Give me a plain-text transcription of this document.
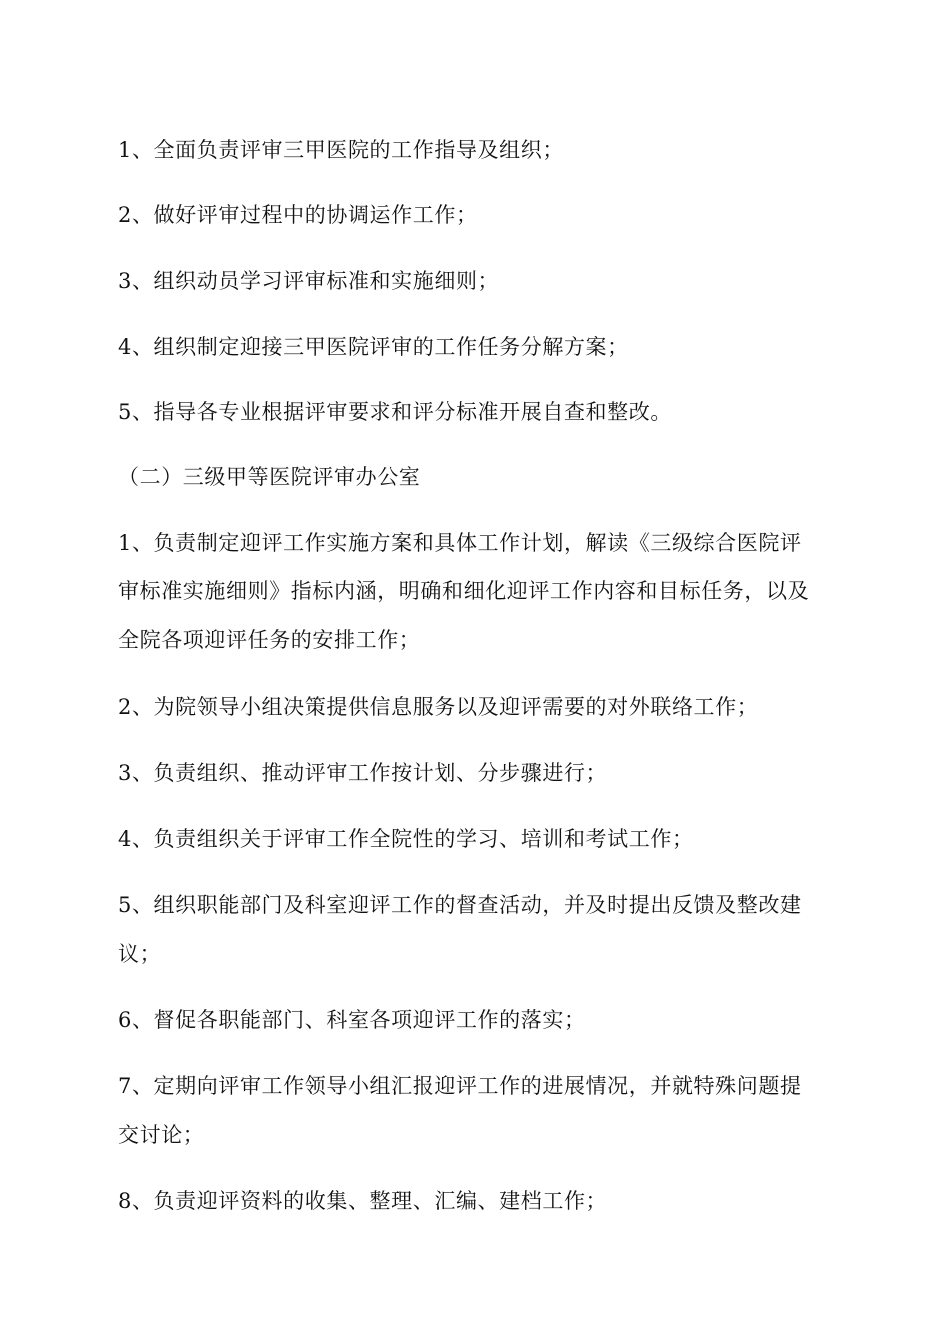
1、全面负责评审三甲医院的工作指导及组织；
2、做好评审过程中的协调运作工作；
3、组织动员学习评审标准和实施细则；
4、组织制定迎接三甲医院评审的工作任务分解方案；
5、指导各专业根据评审要求和评分标准开展自查和整改。
（二）三级甲等医院评审办公室
1、负责制定迎评工作实施方案和具体工作计划，解读《三级综合医院评
审标准实施细则》指标内涵，明确和细化迎评工作内容和目标任务，以及
全院各项迎评任务的安排工作；
2、为院领导小组决策提供信息服务以及迎评需要的对外联络工作；
3、负责组织、推动评审工作按计划、分步骤进行；
4、负责组织关于评审工作全院性的学习、培训和考试工作；
5、组织职能部门及科室迎评工作的督查活动，并及时提出反馈及整改建
议；
6、督促各职能部门、科室各项迎评工作的落实；
7、定期向评审工作领导小组汇报迎评工作的进展情况，并就特殊问题提
交讨论；
8、负责迎评资料的收集、整理、汇编、建档工作；
